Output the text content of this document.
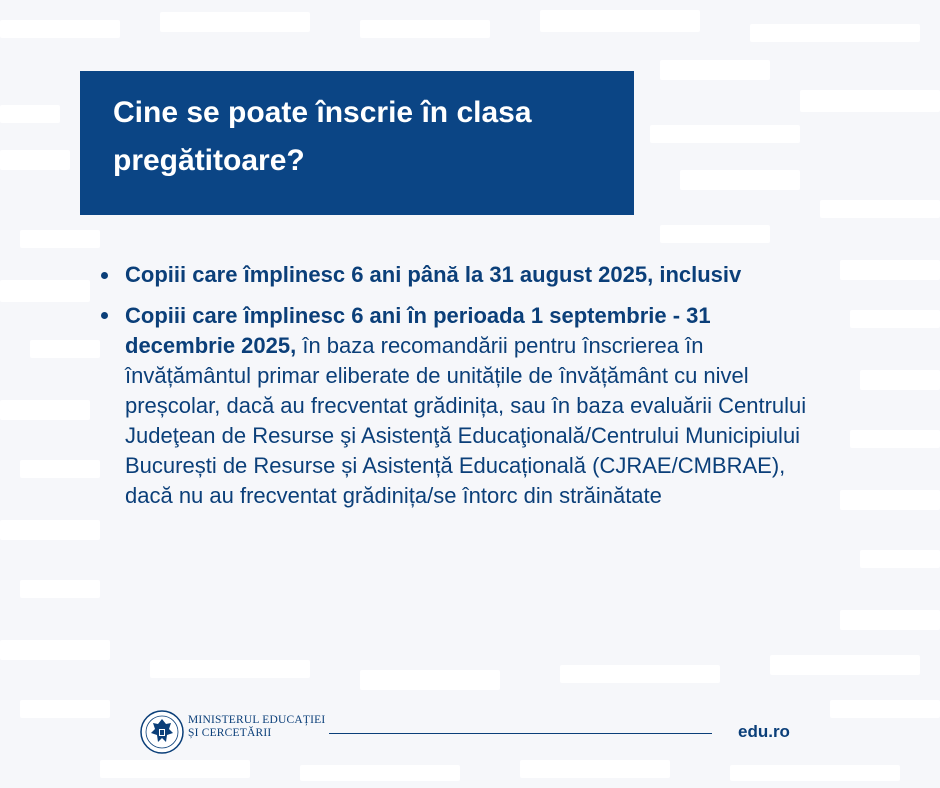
Cine se poate înscrie în clasa pregătitoare?
Copiii care împlinesc 6 ani până la 31 august 2025, inclusiv
Copiii care împlinesc 6 ani în perioada 1 septembrie - 31 decembrie 2025, în baza recomandării pentru înscrierea în învățământul primar eliberate de unitățile de învățământ cu nivel preșcolar, dacă au frecventat grădinița, sau în baza evaluării Centrului Judeţean de Resurse şi Asistenţă Educaţională/Centrului Municipiului București de Resurse și Asistență Educațională (CJRAE/CMBRAE), dacă nu au frecventat grădinița/se întorc din străinătate
MINISTERUL EDUCAȚIEI
ȘI CERCETĂRII	edu.ro
